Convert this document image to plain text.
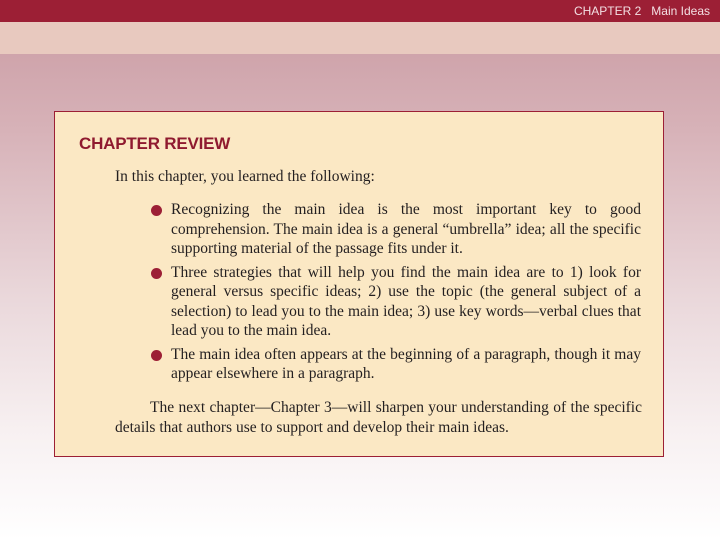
CHAPTER 2   Main Ideas
CHAPTER REVIEW
In this chapter, you learned the following:
Recognizing the main idea is the most important key to good comprehension. The main idea is a general “umbrella” idea; all the specific supporting material of the passage fits under it.
Three strategies that will help you find the main idea are to 1) look for general versus specific ideas; 2) use the topic (the general subject of a selection) to lead you to the main idea; 3) use key words—verbal clues that lead you to the main idea.
The main idea often appears at the beginning of a paragraph, though it may appear elsewhere in a paragraph.
The next chapter—Chapter 3—will sharpen your understanding of the specific details that authors use to support and develop their main ideas.
